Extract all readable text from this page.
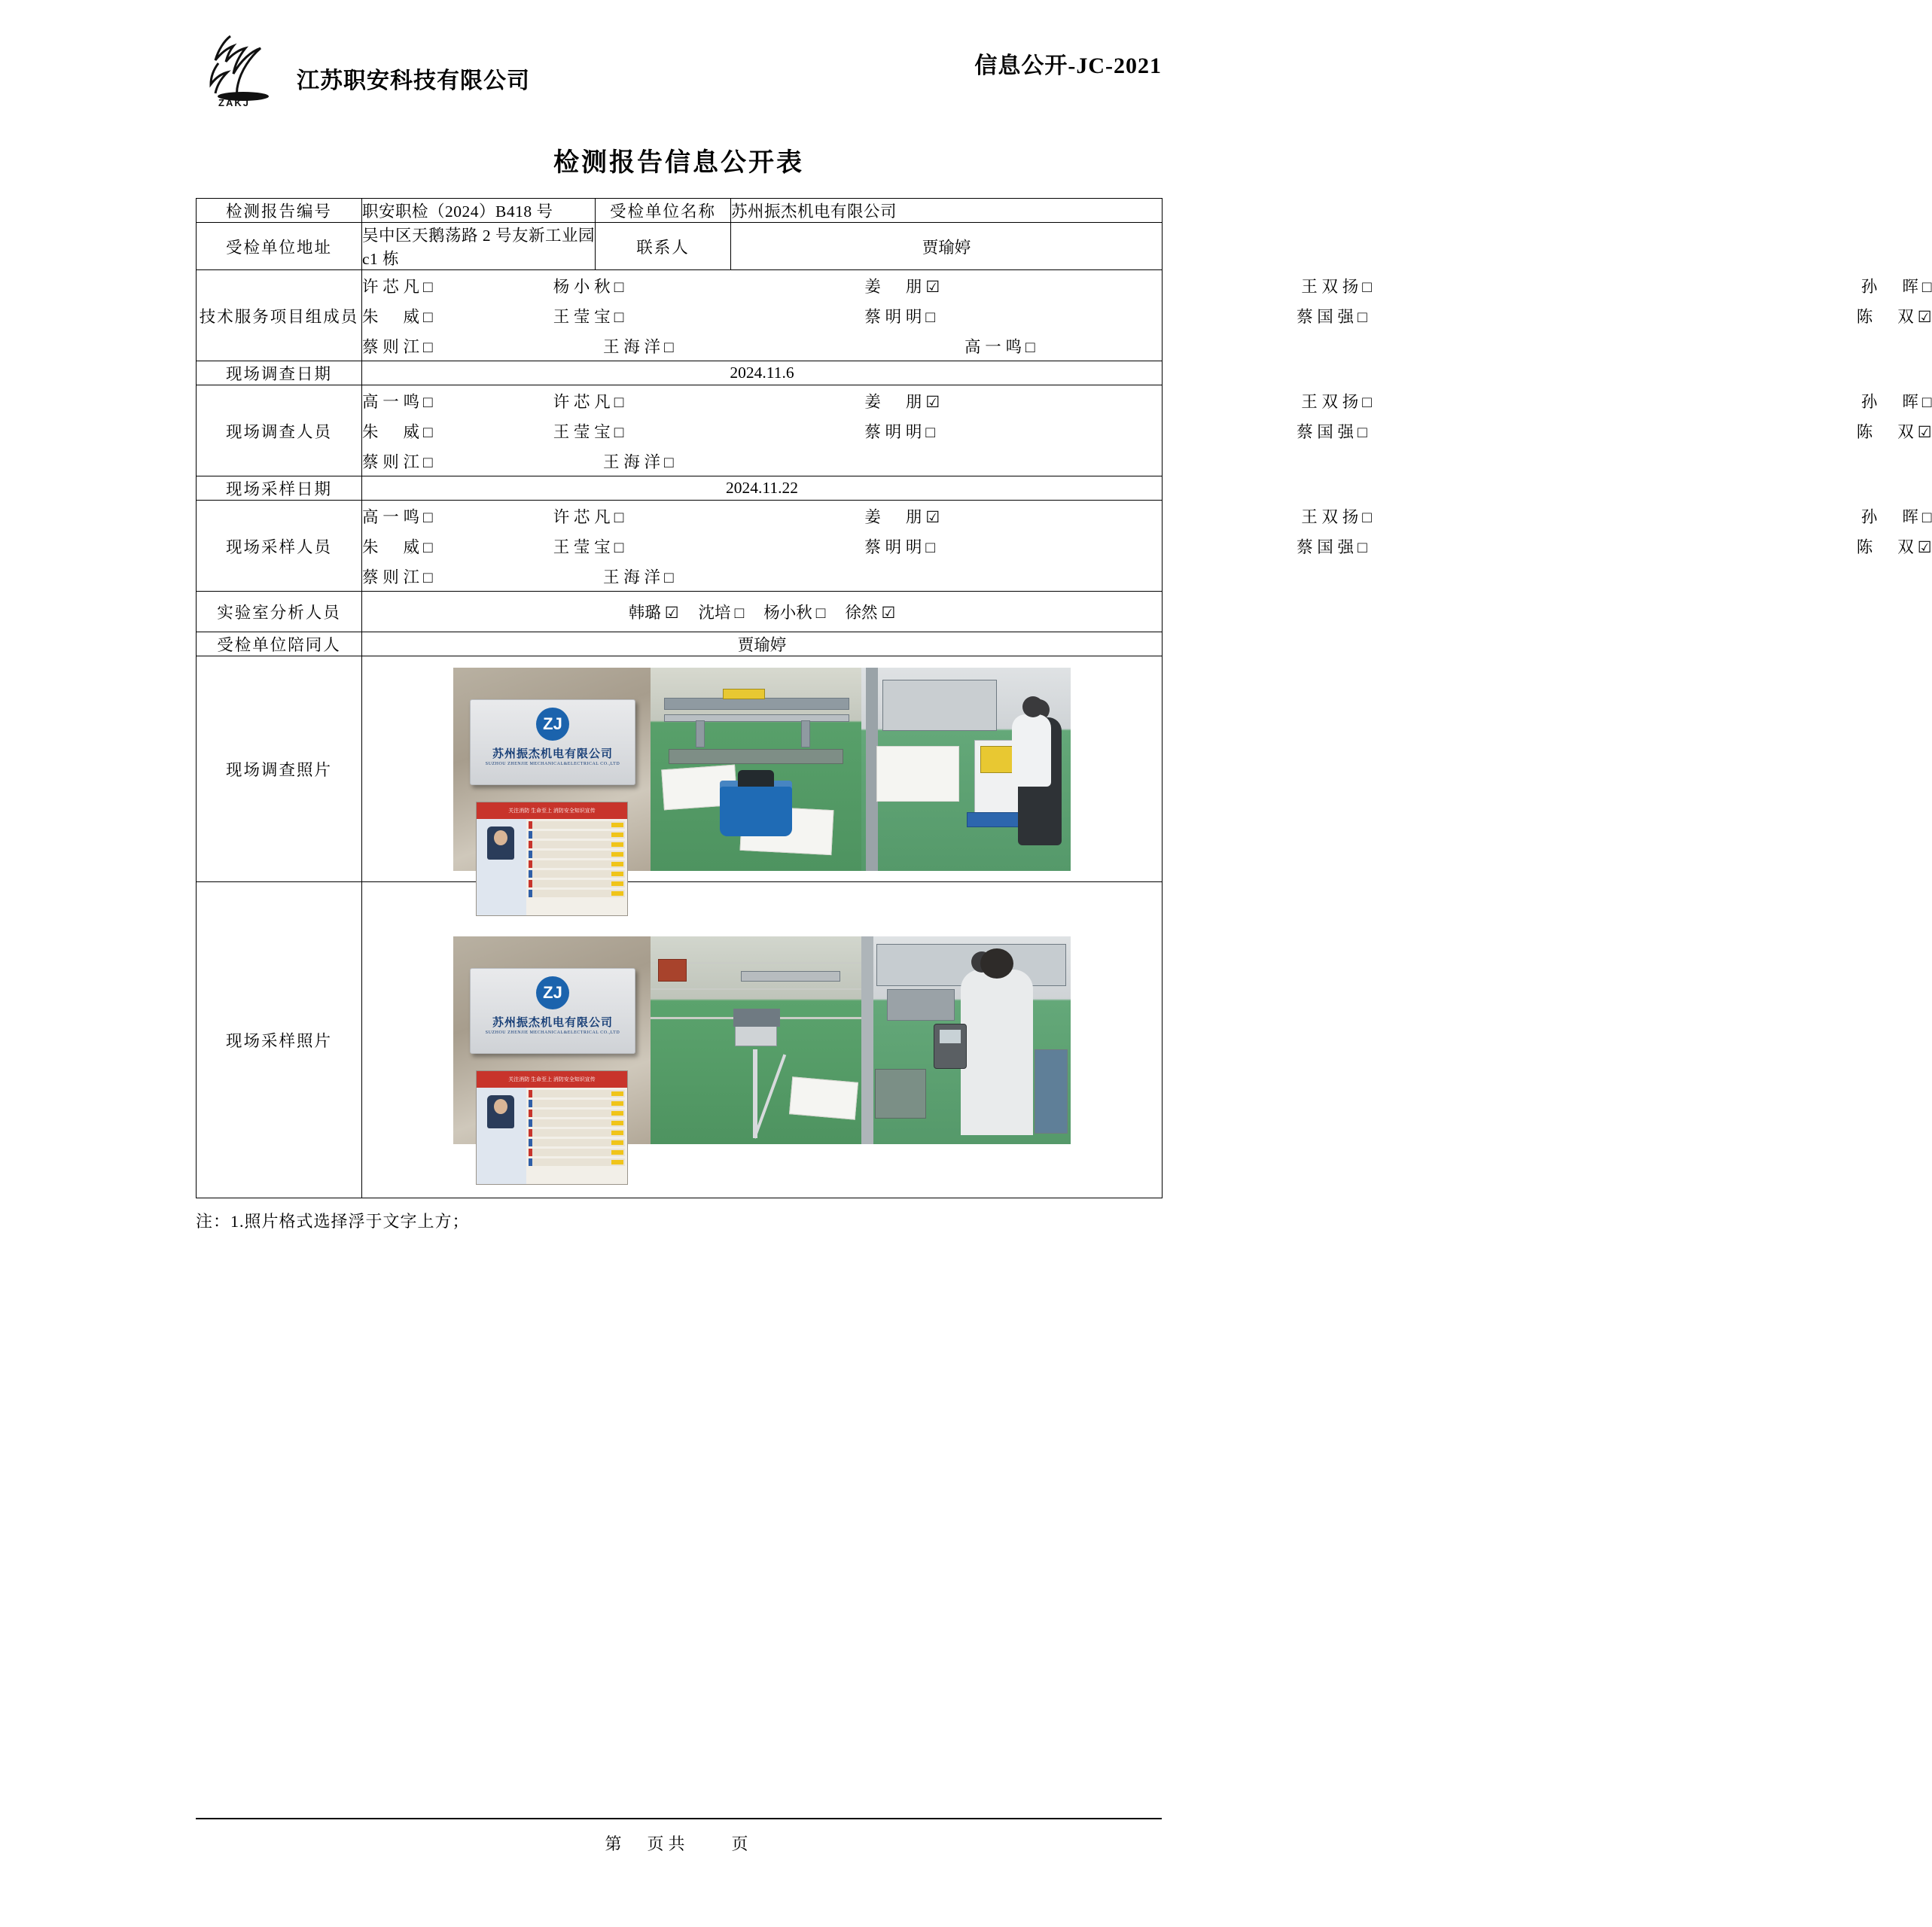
ZAKJ
江苏职安科技有限公司
信息公开-JC-2021
检测报告信息公开表
检测报告编号	职安职检（2024）B418 号	受检单位名称	苏州振杰机电有限公司
受检单位地址	吴中区天鹅荡路 2 号友新工业园 c1 栋	联系人	贾瑜婷
技术服务项目组成员	
许芯凡 □	杨小秋 □	姜　朋 ☑	王双扬 □	孙　晖 □
朱　威 □	王莹宝 □	蔡明明 □	蔡国强 □	陈　双 ☑
蔡则江 □	王海洋 □	高一鸣 □

现场调查日期	2024.11.6		
现场调查人员	
高一鸣 □	许芯凡 □	姜　朋 ☑	王双扬 □	孙　晖 □
朱　威 □	王莹宝 □	蔡明明 □	蔡国强 □	陈　双 ☑
蔡则江 □	王海洋 □

现场采样日期	2024.11.22		
现场采样人员	
高一鸣 □	许芯凡 □	姜　朋 ☑	王双扬 □	孙　晖 □
朱　威 □	王莹宝 □	蔡明明 □	蔡国强 □	陈　双 ☑
蔡则江 □	王海洋 □

实验室分析人员	韩璐 ☑ 沈培 □ 杨小秋 □ 徐然 ☑		

受检单位陪同人	贾瑜婷		
现场调查照片	ZJ
苏州振杰机电有限公司
SUZHOU ZHENJIE MECHANICAL&ELECTRICAL CO.,LTD
关注消防 生命至上 消防安全知识宣传		

现场采样照片	ZJ
苏州振杰机电有限公司
SUZHOU ZHENJIE MECHANICAL&ELECTRICAL CO.,LTD
关注消防 生命至上 消防安全知识宣传		
注：1.照片格式选择浮于文字上方；
第　页共　　页
